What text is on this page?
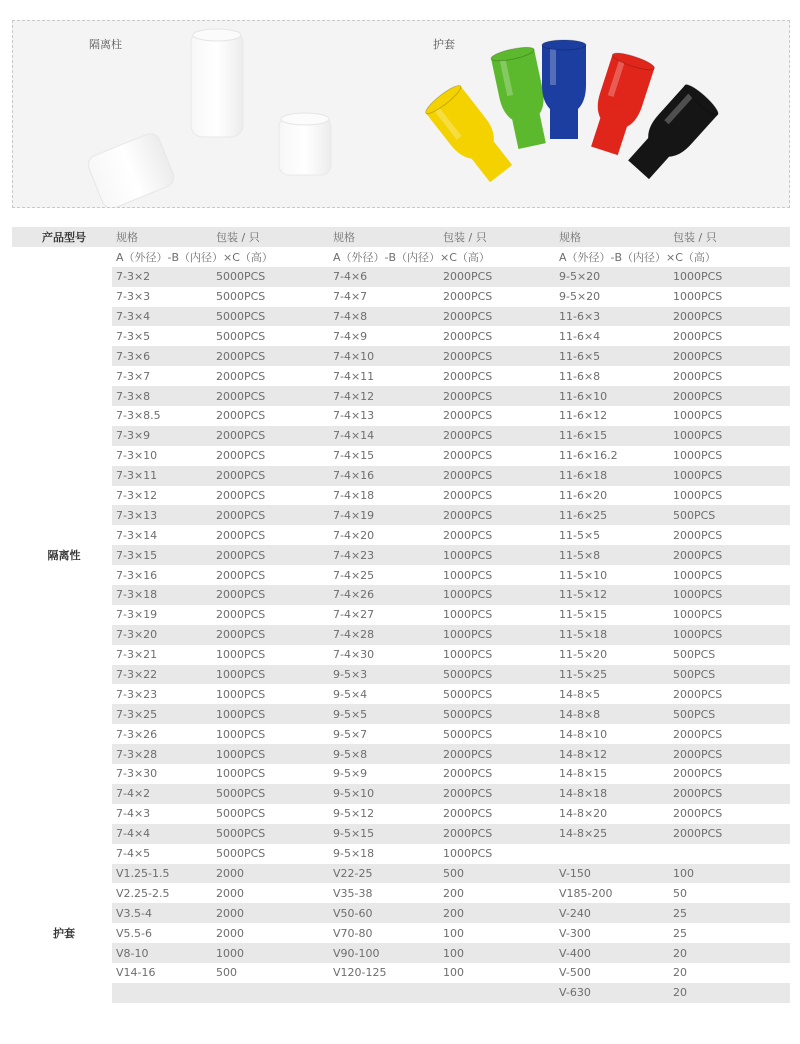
隔离柱	护套
产品型号	规格	包装 / 只	规格	包装 / 只	规格	包装 / 只
隔离性	A（外径）-B（内径）×C（高）		A（外径）-B（内径）×C（高）		A（外径）-B（内径）×C（高）	
	7-3×2	5000PCS	7-4×6	2000PCS	9-5×20	1000PCS
	7-3×3	5000PCS	7-4×7	2000PCS	9-5×20	1000PCS
	7-3×4	5000PCS	7-4×8	2000PCS	11-6×3	2000PCS
	7-3×5	5000PCS	7-4×9	2000PCS	11-6×4	2000PCS
	7-3×6	2000PCS	7-4×10	2000PCS	11-6×5	2000PCS
	7-3×7	2000PCS	7-4×11	2000PCS	11-6×8	2000PCS
	7-3×8	2000PCS	7-4×12	2000PCS	11-6×10	2000PCS
	7-3×8.5	2000PCS	7-4×13	2000PCS	11-6×12	1000PCS
	7-3×9	2000PCS	7-4×14	2000PCS	11-6×15	1000PCS
	7-3×10	2000PCS	7-4×15	2000PCS	11-6×16.2	1000PCS
	7-3×11	2000PCS	7-4×16	2000PCS	11-6×18	1000PCS
	7-3×12	2000PCS	7-4×18	2000PCS	11-6×20	1000PCS
	7-3×13	2000PCS	7-4×19	2000PCS	11-6×25	500PCS
	7-3×14	2000PCS	7-4×20	2000PCS	11-5×5	2000PCS
	7-3×15	2000PCS	7-4×23	1000PCS	11-5×8	2000PCS
	7-3×16	2000PCS	7-4×25	1000PCS	11-5×10	1000PCS
	7-3×18	2000PCS	7-4×26	1000PCS	11-5×12	1000PCS
	7-3×19	2000PCS	7-4×27	1000PCS	11-5×15	1000PCS
	7-3×20	2000PCS	7-4×28	1000PCS	11-5×18	1000PCS
	7-3×21	1000PCS	7-4×30	1000PCS	11-5×20	500PCS
	7-3×22	1000PCS	9-5×3	5000PCS	11-5×25	500PCS
	7-3×23	1000PCS	9-5×4	5000PCS	14-8×5	2000PCS
	7-3×25	1000PCS	9-5×5	5000PCS	14-8×8	500PCS
	7-3×26	1000PCS	9-5×7	5000PCS	14-8×10	2000PCS
	7-3×28	1000PCS	9-5×8	2000PCS	14-8×12	2000PCS
	7-3×30	1000PCS	9-5×9	2000PCS	14-8×15	2000PCS
	7-4×2	5000PCS	9-5×10	2000PCS	14-8×18	2000PCS
	7-4×3	5000PCS	9-5×12	2000PCS	14-8×20	2000PCS
	7-4×4	5000PCS	9-5×15	2000PCS	14-8×25	2000PCS
	7-4×5	5000PCS	9-5×18	1000PCS		
护套	V1.25-1.5	2000	V22-25	500	V-150	100
	V2.25-2.5	2000	V35-38	200	V185-200	50
	V3.5-4	2000	V50-60	200	V-240	25
	V5.5-6	2000	V70-80	100	V-300	25
	V8-10	1000	V90-100	100	V-400	20
	V14-16	500	V120-125	100	V-500	20
					V-630	20
